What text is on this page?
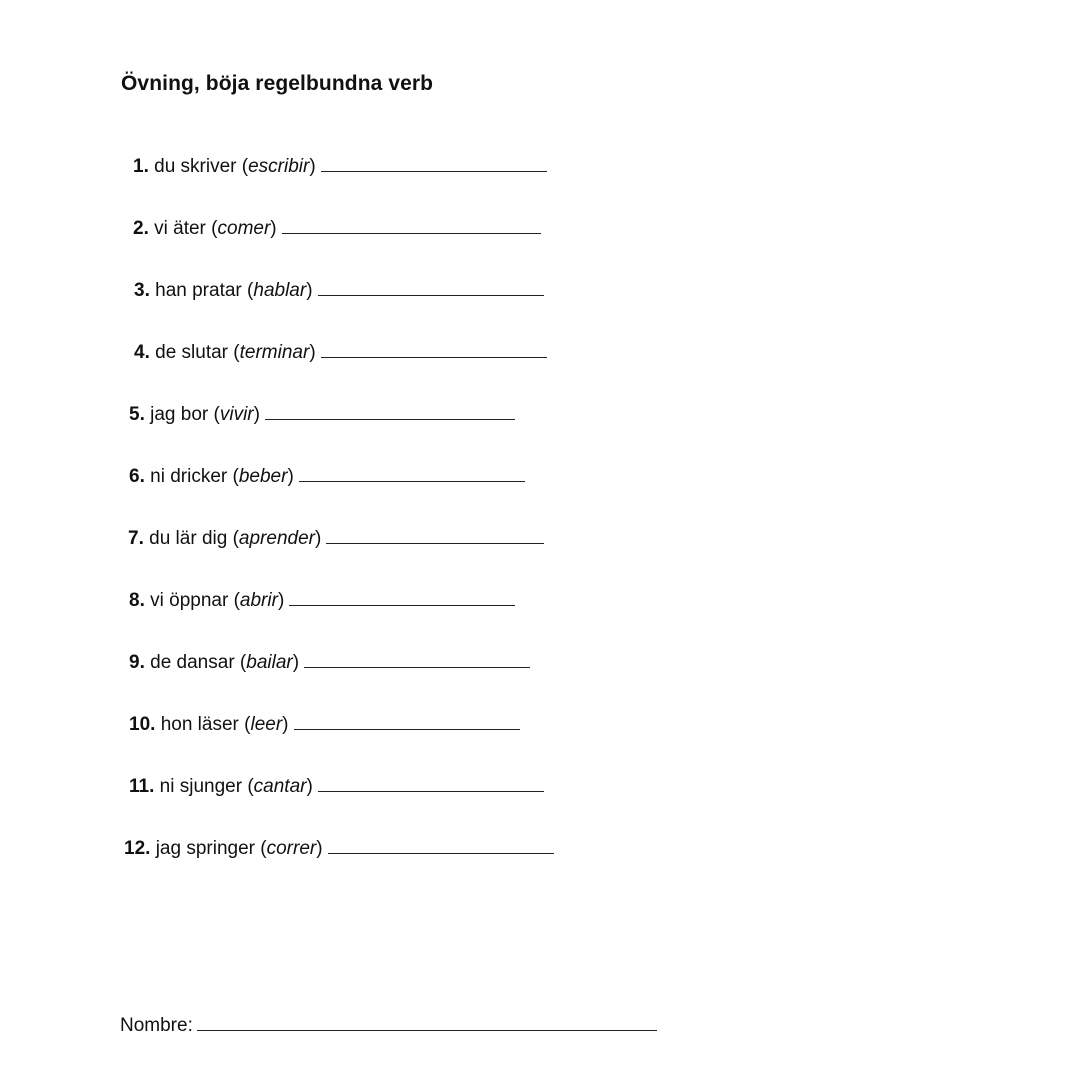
Övning, böja regelbundna verb
1. du skriver (escribir)
2. vi äter (comer)
3. han pratar (hablar)
4. de slutar (terminar)
5. jag bor (vivir)
6. ni dricker (beber)
7. du lär dig (aprender)
8. vi öppnar (abrir)
9. de dansar (bailar)
10. hon läser (leer)
11. ni sjunger (cantar)
12. jag springer (correr)
Nombre:
